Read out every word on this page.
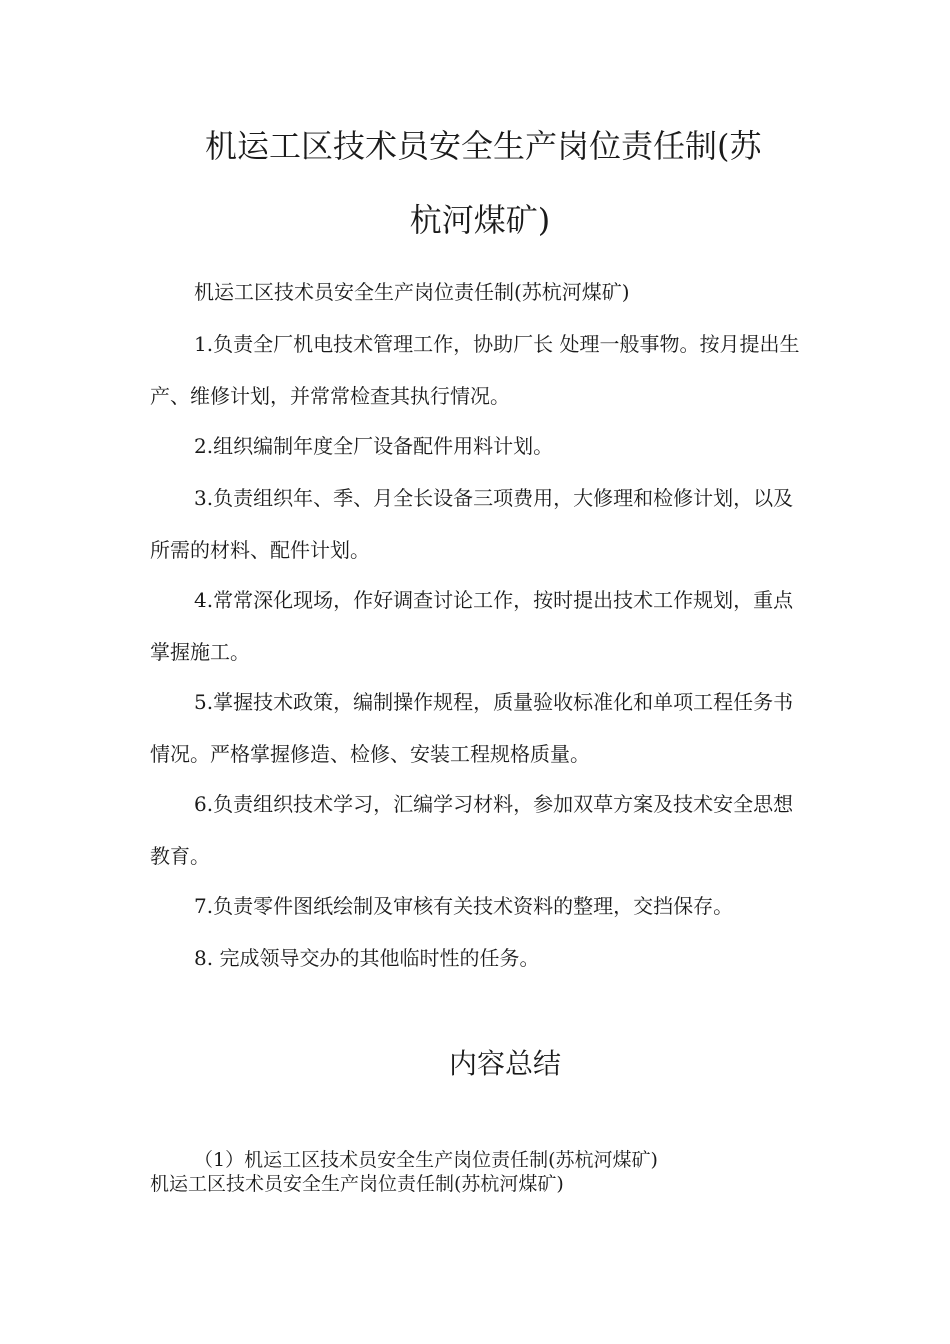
机运工区技术员安全生产岗位责任制(苏
杭河煤矿)

机运工区技术员安全生产岗位责任制(苏杭河煤矿)

1.负责全厂机电技术管理工作，协助厂长 处理一般事物。按月提出生产、维修计划，并常常检查其执行情况。

2.组织编制年度全厂设备配件用料计划。

3.负责组织年、季、月全长设备三项费用，大修理和检修计划，以及 所需的材料、配件计划。

4.常常深化现场，作好调查讨论工作，按时提出技术工作规划，重点掌握施工。

5.掌握技术政策，编制操作规程，质量验收标准化和单项工程任务书情况。严格掌握修造、检修、安装工程规格质量。

6.负责组织技术学习，汇编学习材料，参加双草方案及技术安全思想教育。

7.负责零件图纸绘制及审核有关技术资料的整理，交挡保存。

8. 完成领导交办的其他临时性的任务。

内容总结
（1）机运工区技术员安全生产岗位责任制(苏杭河煤矿)
机运工区技术员安全生产岗位责任制(苏杭河煤矿)
